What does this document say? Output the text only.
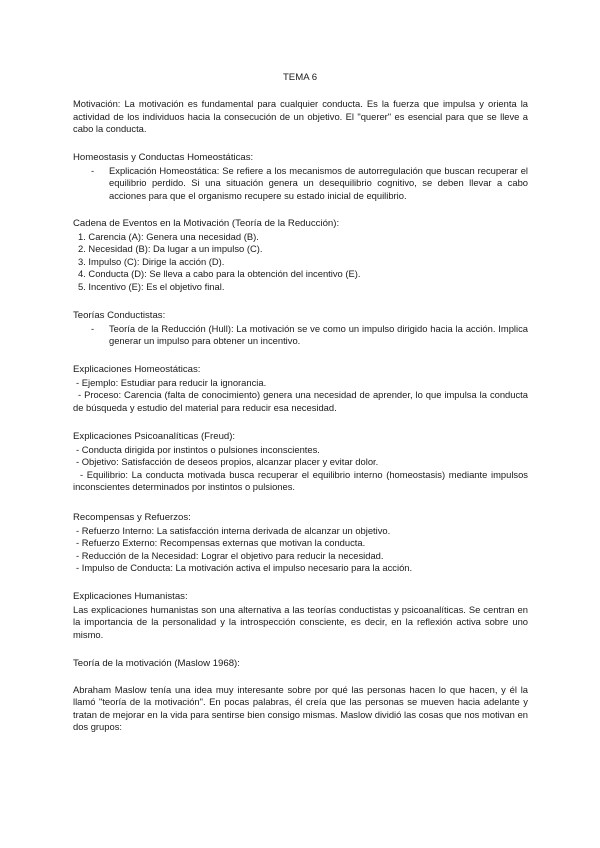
TEMA 6

Motivación: La motivación es fundamental para cualquier conducta. Es la fuerza que impulsa y orienta la actividad de los individuos hacia la consecución de un objetivo. El "querer" es esencial para que se lleve a cabo la conducta.

Homeostasis y Conductas Homeostáticas:

- Explicación Homeostática: Se refiere a los mecanismos de autorregulación que buscan recuperar el equilibrio perdido. Si una situación genera un desequilibrio cognitivo, se deben llevar a cabo acciones para que el organismo recupere su estado inicial de equilibrio.

Cadena de Eventos en la Motivación (Teoría de la Reducción):

1. Carencia (A): Genera una necesidad (B).
2. Necesidad (B): Da lugar a un impulso (C).
3. Impulso (C): Dirige la acción (D).
4. Conducta (D): Se lleva a cabo para la obtención del incentivo (E).
5. Incentivo (E): Es el objetivo final.

Teorías Conductistas:

- Teoría de la Reducción (Hull): La motivación se ve como un impulso dirigido hacia la acción. Implica generar un impulso para obtener un incentivo.

Explicaciones Homeostáticas:

- Ejemplo: Estudiar para reducir la ignorancia.

- Proceso: Carencia (falta de conocimiento) genera una necesidad de aprender, lo que impulsa la conducta de búsqueda y estudio del material para reducir esa necesidad.

Explicaciones Psicoanalíticas (Freud):

- Conducta dirigida por instintos o pulsiones inconscientes.

- Objetivo: Satisfacción de deseos propios, alcanzar placer y evitar dolor.

- Equilibrio: La conducta motivada busca recuperar el equilibrio interno (homeostasis) mediante impulsos inconscientes determinados por instintos o pulsiones.

Recompensas y Refuerzos:

- Refuerzo Interno: La satisfacción interna derivada de alcanzar un objetivo.

- Refuerzo Externo: Recompensas externas que motivan la conducta.

- Reducción de la Necesidad: Lograr el objetivo para reducir la necesidad.

- Impulso de Conducta: La motivación activa el impulso necesario para la acción.

Explicaciones Humanistas:

Las explicaciones humanistas son una alternativa a las teorías conductistas y psicoanalíticas. Se centran en la importancia de la personalidad y la introspección consciente, es decir, en la reflexión activa sobre uno mismo.

Teoría de la motivación (Maslow 1968):

Abraham Maslow tenía una idea muy interesante sobre por qué las personas hacen lo que hacen, y él la llamó "teoría de la motivación". En pocas palabras, él creía que las personas se mueven hacia adelante y tratan de mejorar en la vida para sentirse bien consigo mismas. Maslow dividió las cosas que nos motivan en dos grupos:
